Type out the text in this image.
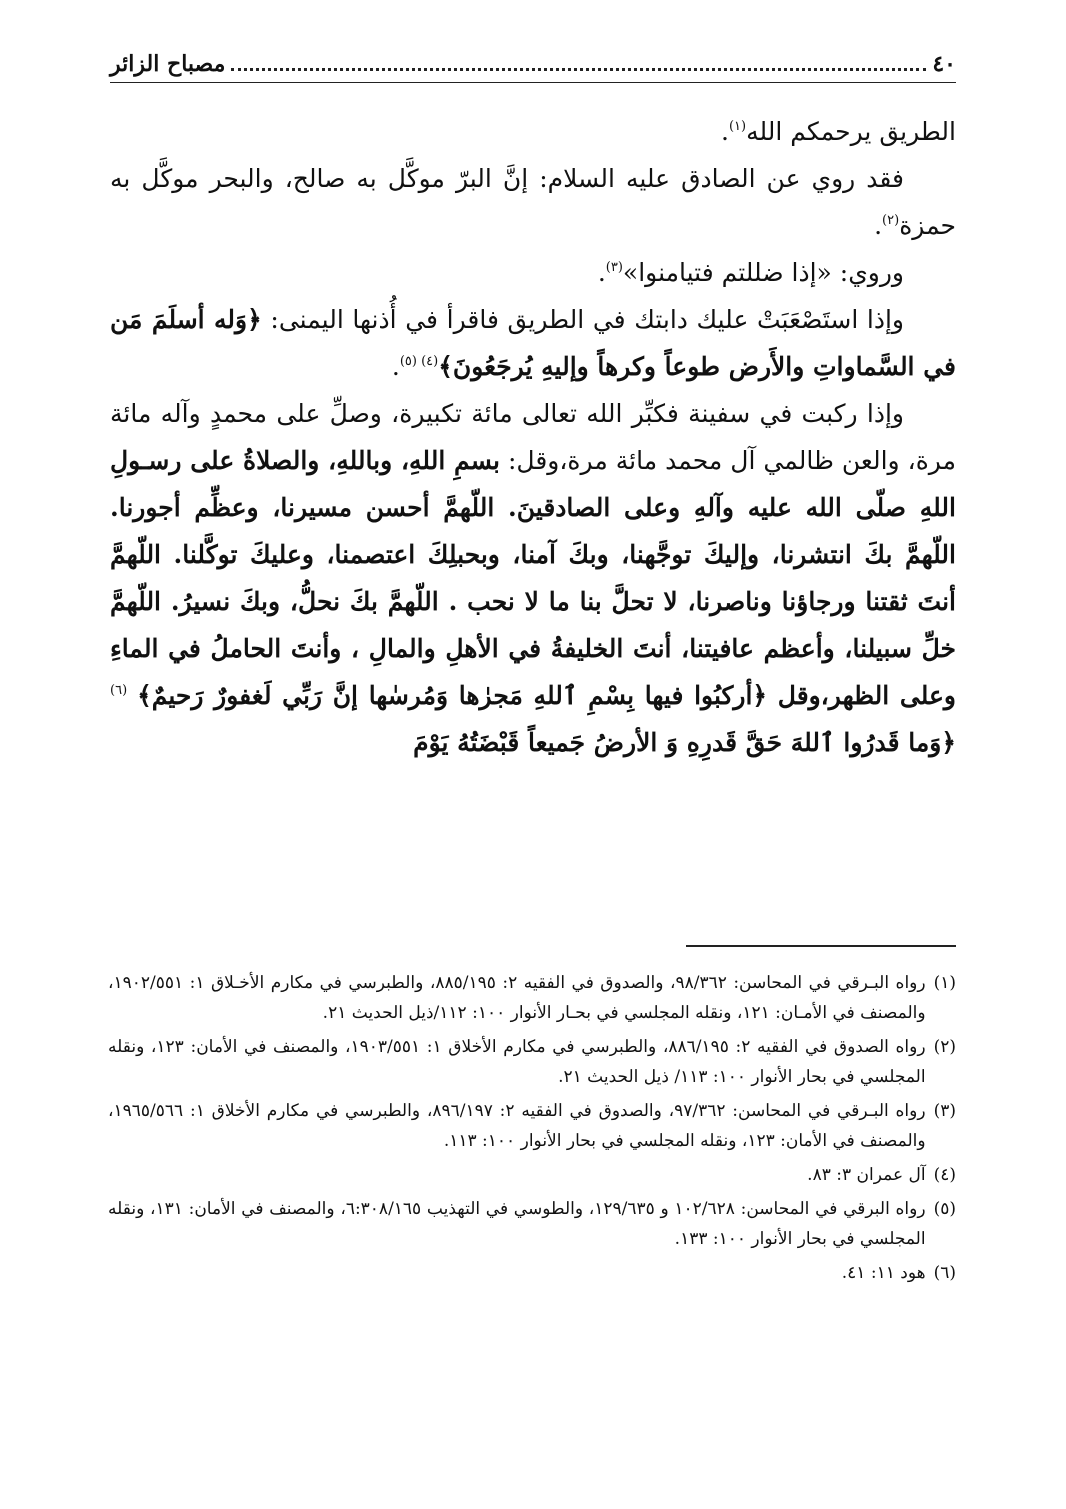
٤٠
مصباح الزائر

الطريق يرحمكم الله$^{(١)}$.

فقد روي عن الصادق عليه السلام: إنَّ البرّ موكَّل به صالح، والبحر موكَّل به حمزة$^{(٢)}$.

وروي: «إذا ضللتم فتيامنوا»$^{(٣)}$.

وإذا استَصْعَبَتْ عليك دابتك في الطريق فاقرأ في أُذنها اليمنى: ﴿وَله أسلَمَ مَن في السَّماواتِ والأَرض طوعاً وكرهاً وإليهِ يُرجَعُونَ﴾$^{(٤) (٥)}$.

وإذا ركبت في سفينة فكبِّر الله تعالى مائة تكبيرة، وصلِّ على محمدٍ وآله مائة مرة، والعن ظالمي آل محمد مائة مرة،وقل: بسمِ اللهِ، وباللهِ، والصلاةُ على رسـولِ اللهِ صلّى الله عليه وآلهِ وعلى الصادقينَ. اللّهمَّ أحسن مسيرنا، وعظِّم أجورنا. اللّهمَّ بكَ انتشرنا، وإليكَ توجَّهنا، وبكَ آمنا، وبحبلِكَ اعتصمنا، وعليكَ توكَّلنا. اللّهمَّ أنتَ ثقتنا ورجاؤنا وناصرنا، لا تحلَّ بنا ما لا نحب . اللّهمَّ بكَ نحلُّ، وبكَ نسيرُ. اللّهمَّ خلِّ سبيلنا، وأعظم عافيتنا، أنتَ الخليفةُ في الأهلِ والمالِ ، وأنتَ الحاملُ في الماءِ وعلى الظهر،وقل ﴿أركبُوا فيها بِسْمِ ٱللهِ مَجرٰها وَمُرسٰها إنَّ رَبِّي لَغفورٌ رَحيمٌ﴾ $^{(٦)}$ ﴿وَما قَدرُوا ٱللهَ حَقَّ قَدرِهِ وَ الأرضُ جَميعاً قَبْضَتُهُ يَوْمَ

(١)
رواه البـرقي في المحاسن: ٩٨/٣٦٢، والصدوق في الفقيه ٢: ٨٨٥/١٩٥، والطبرسي في مكارم الأخـلاق ١: ١٩٠٢/٥٥١، والمصنف في الأمـان: ١٢١، ونقله المجلسي في بحـار الأنوار ١٠٠: ١١٢/ذيل الحديث ٢١.
(٢)
رواه الصدوق في الفقيه ٢: ٨٨٦/١٩٥، والطبرسي في مكارم الأخلاق ١: ١٩٠٣/٥٥١، والمصنف في الأمان: ١٢٣، ونقله المجلسي في بحار الأنوار ١٠٠: ١١٣/ ذيل الحديث ٢١.
(٣)
رواه البـرقي في المحاسن: ٩٧/٣٦٢، والصدوق في الفقيه ٢: ٨٩٦/١٩٧، والطبرسي في مكارم الأخلاق ١: ١٩٦٥/٥٦٦، والمصنف في الأمان: ١٢٣، ونقله المجلسي في بحار الأنوار ١٠٠: ١١٣.
(٤)
آل عمران ٣: ٨٣.
(٥)
رواه البرقي في المحاسن: ١٠٢/٦٢٨ و ١٢٩/٦٣٥، والطوسي في التهذيب ٦:٣٠٨/١٦٥، والمصنف في الأمان: ١٣١، ونقله المجلسي في بحار الأنوار ١٠٠: ١٣٣.
(٦)
هود ١١: ٤١.
